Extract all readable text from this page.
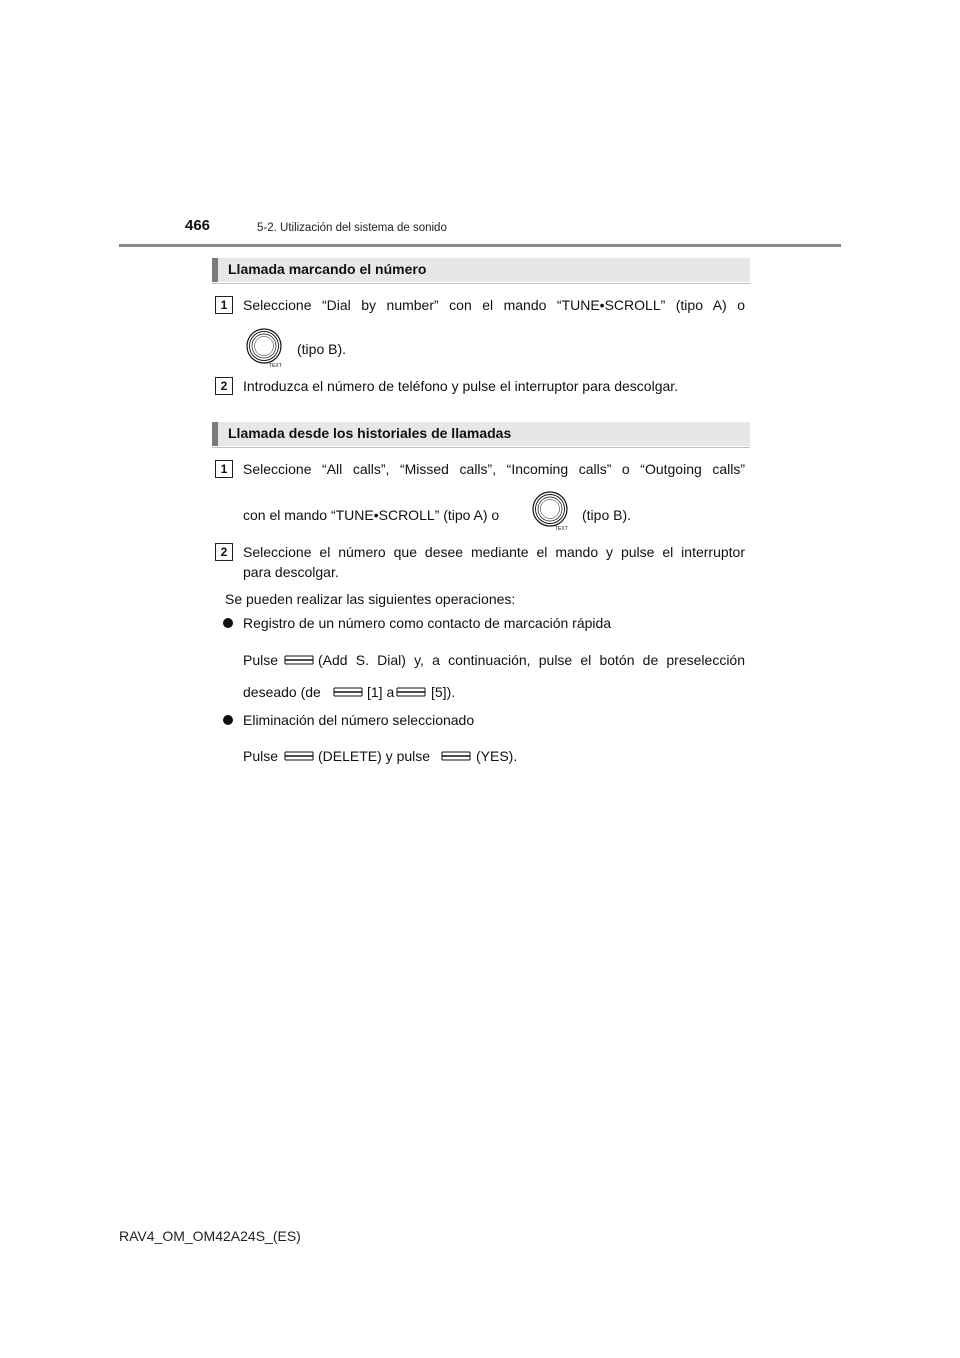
466	5-2. Utilización del sistema de sonido
Llamada marcando el número
1	Seleccione “Dial by number” con el mando “TUNE•SCROLL” (tipo A) o
TEXT
(tipo B).
2	Introduzca el número de teléfono y pulse el interruptor para descolgar.
Llamada desde los historiales de llamadas
1	Seleccione “All calls”, “Missed calls”, “Incoming calls” o “Outgoing calls”
con el mando “TUNE•SCROLL” (tipo A) o
TEXT
(tipo B).
2	Seleccione el número que desee mediante el mando y pulse el interruptor
para descolgar.
Se pueden realizar las siguientes operaciones:
Registro de un número como contacto de marcación rápida
Pulse	(Add S. Dial) y, a continuación, pulse el botón de preselección
deseado (de	[1] a	[5]).
Eliminación del número seleccionado
Pulse	(DELETE) y pulse	(YES).
RAV4_OM_OM42A24S_(ES)
